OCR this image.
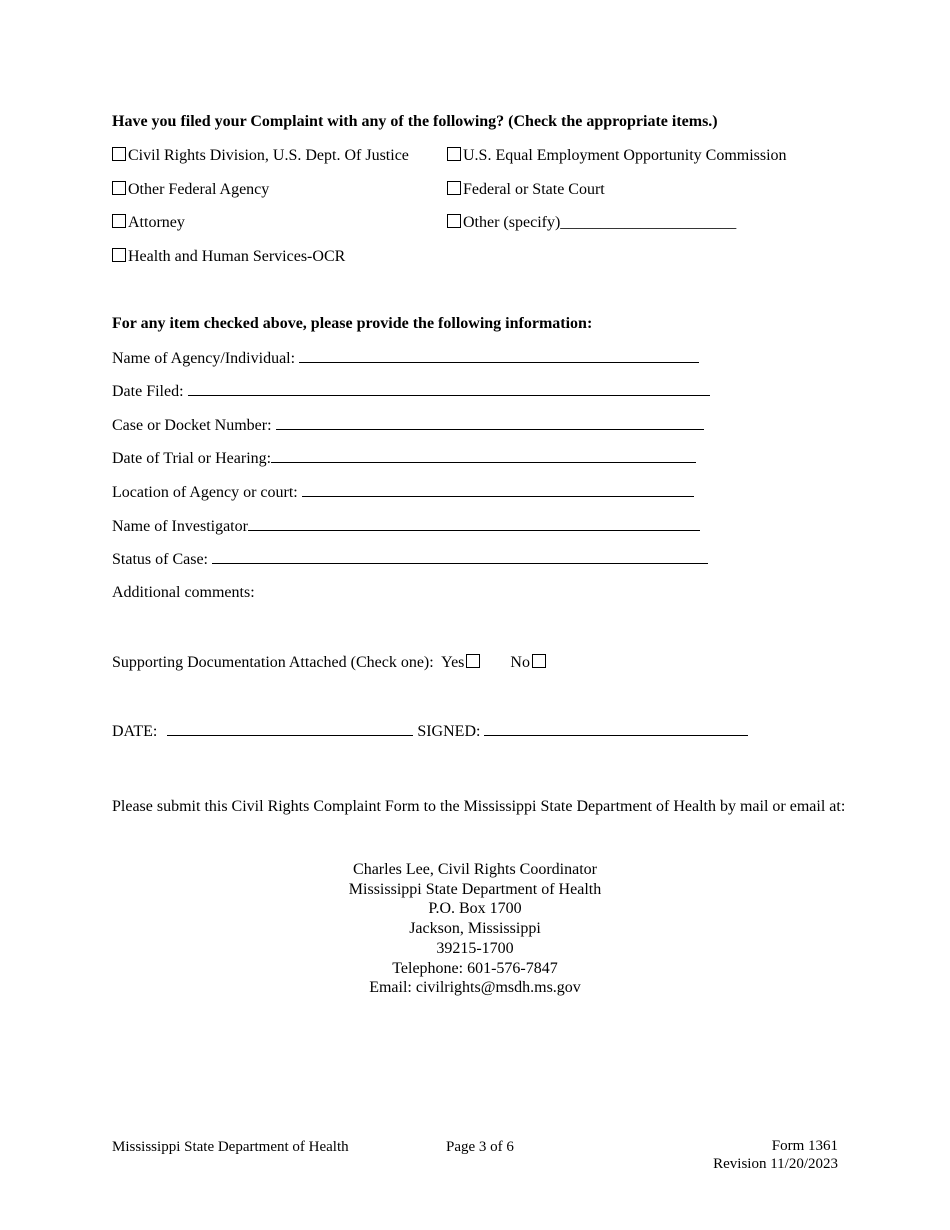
Have you filed your Complaint with any of the following? (Check the appropriate items.)
Civil Rights Division, U.S. Dept. Of Justice	U.S. Equal Employment Opportunity Commission
Other Federal Agency	Federal or State Court
Attorney	Other (specify)______________________
Health and Human Services-OCR
For any item checked above, please provide the following information:
Name of Agency/Individual:
Date Filed:
Case or Docket Number:
Date of Trial or Hearing:
Location of Agency or court:
Name of Investigator
Status of Case:
Additional comments:
Supporting Documentation Attached (Check one): Yes	No
DATE:	SIGNED:
Please submit this Civil Rights Complaint Form to the Mississippi State Department of Health by mail or email at:
Charles Lee, Civil Rights Coordinator
Mississippi State Department of Health
P.O. Box 1700
Jackson, Mississippi
39215-1700
Telephone: 601-576-7847
Email: civilrights@msdh.ms.gov
Mississippi State Department of Health	Page 3 of 6	Form 1361
Revision 11/20/2023
